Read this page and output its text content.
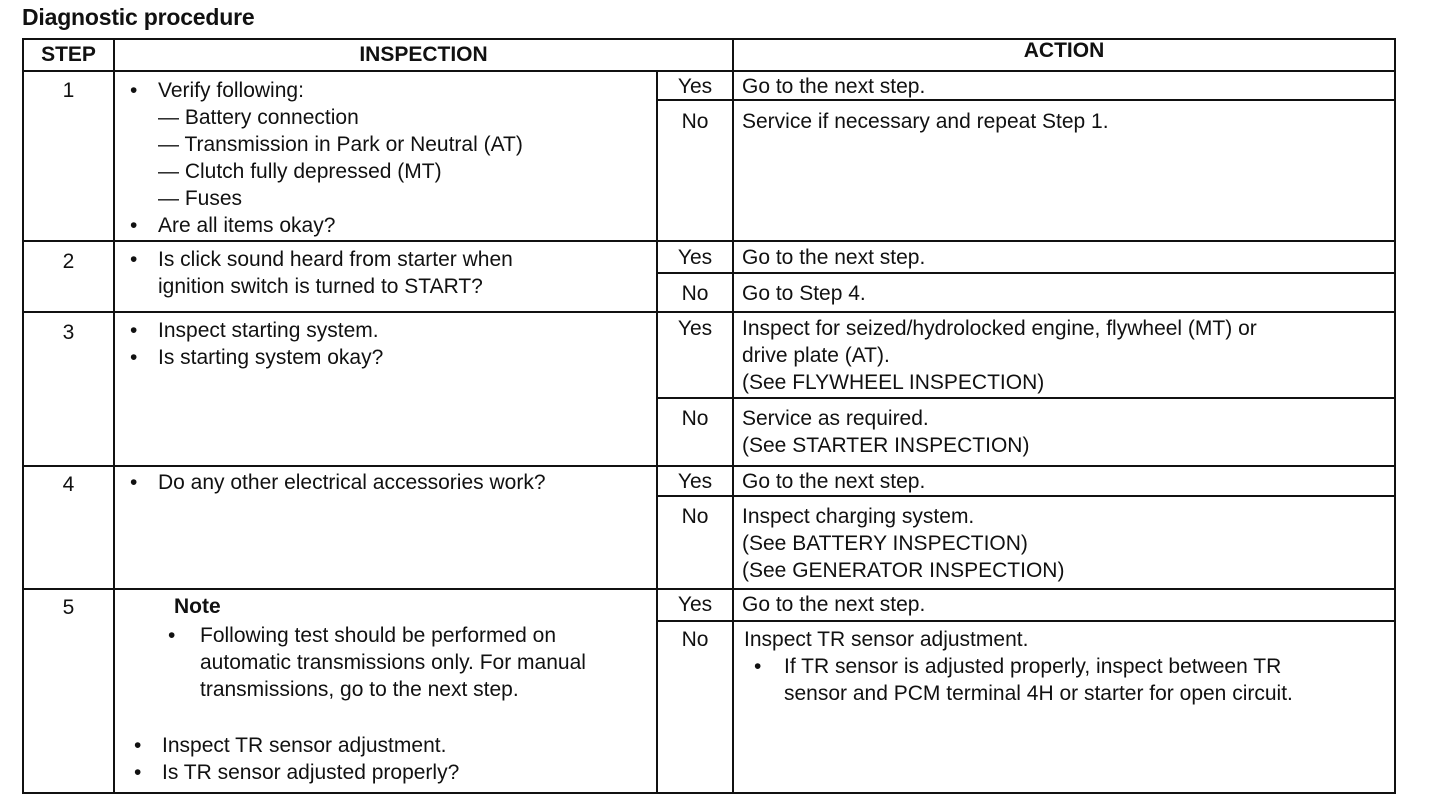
Diagnostic procedure
STEP	INSPECTION	ACTION
1	• Verify following:
— Battery connection
— Transmission in Park or Neutral (AT)
— Clutch fully depressed (MT)
— Fuses
• Are all items okay?
Yes	Go to the next step.
No	Service if necessary and repeat Step 1.
2	• Is click sound heard from starter when
ignition switch is turned to START?
Yes	Go to the next step.
No	Go to Step 4.
3	• Inspect starting system.
• Is starting system okay?
Yes	Inspect for seized/hydrolocked engine, flywheel (MT) or
drive plate (AT).
(See FLYWHEEL INSPECTION)
No	Service as required.
(See STARTER INSPECTION)
4	• Do any other electrical accessories work?	Yes	Go to the next step.
No	Inspect charging system.
(See BATTERY INSPECTION)
(See GENERATOR INSPECTION)
5	Note
• Following test should be performed on
automatic transmissions only. For manual
transmissions, go to the next step.
• Inspect TR sensor adjustment.
• Is TR sensor adjusted properly?
Yes	Go to the next step.
No	Inspect TR sensor adjustment.
• If TR sensor is adjusted properly, inspect between TR
sensor and PCM terminal 4H or starter for open circuit.
